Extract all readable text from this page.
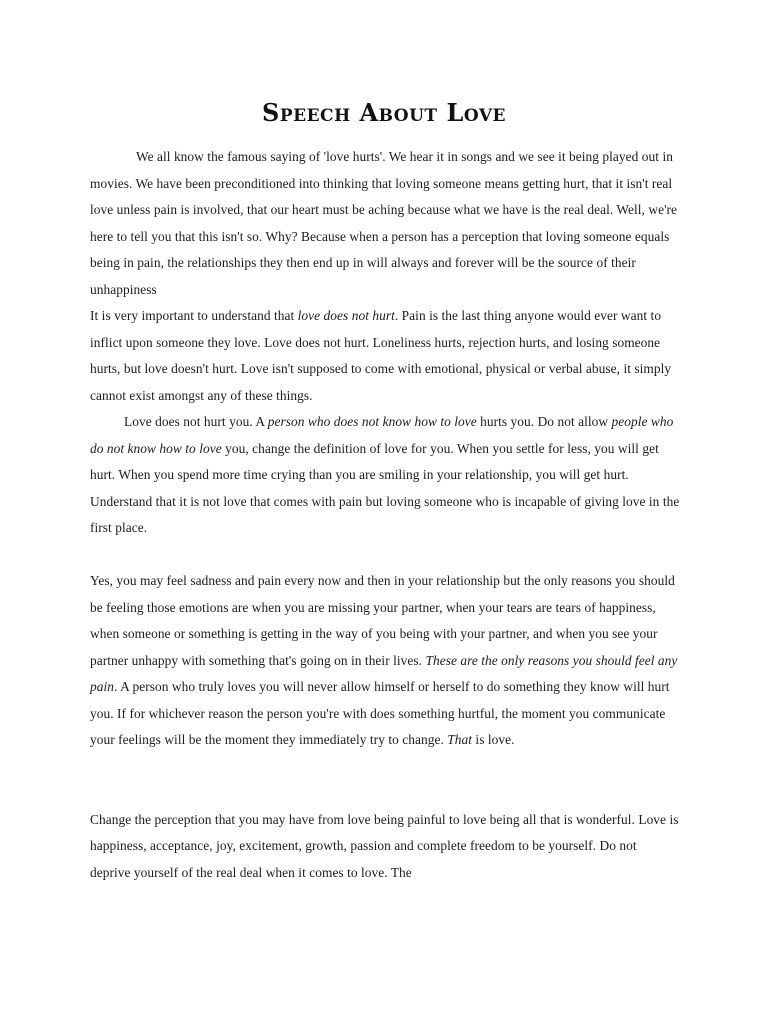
Speech About Love

We all know the famous saying of 'love hurts'. We hear it in songs and we see it being played out in movies. We have been preconditioned into thinking that loving someone means getting hurt, that it isn't real love unless pain is involved, that our heart must be aching because what we have is the real deal. Well, we're here to tell you that this isn't so. Why? Because when a person has a perception that loving someone equals being in pain, the relationships they then end up in will always and forever will be the source of their unhappiness

It is very important to understand that love does not hurt. Pain is the last thing anyone would ever want to inflict upon someone they love. Love does not hurt. Loneliness hurts, rejection hurts, and losing someone hurts, but love doesn't hurt. Love isn't supposed to come with emotional, physical or verbal abuse, it simply cannot exist amongst any of these things.

Love does not hurt you. A person who does not know how to love hurts you. Do not allow people who do not know how to love you, change the definition of love for you. When you settle for less, you will get hurt. When you spend more time crying than you are smiling in your relationship, you will get hurt. Understand that it is not love that comes with pain but loving someone who is incapable of giving love in the first place.

Yes, you may feel sadness and pain every now and then in your relationship but the only reasons you should be feeling those emotions are when you are missing your partner, when your tears are tears of happiness, when someone or something is getting in the way of you being with your partner, and when you see your partner unhappy with something that's going on in their lives. These are the only reasons you should feel any pain. A person who truly loves you will never allow himself or herself to do something they know will hurt you. If for whichever reason the person you're with does something hurtful, the moment you communicate your feelings will be the moment they immediately try to change. That is love.

Change the perception that you may have from love being painful to love being all that is wonderful. Love is happiness, acceptance, joy, excitement, growth, passion and complete freedom to be yourself. Do not deprive yourself of the real deal when it comes to love. The
